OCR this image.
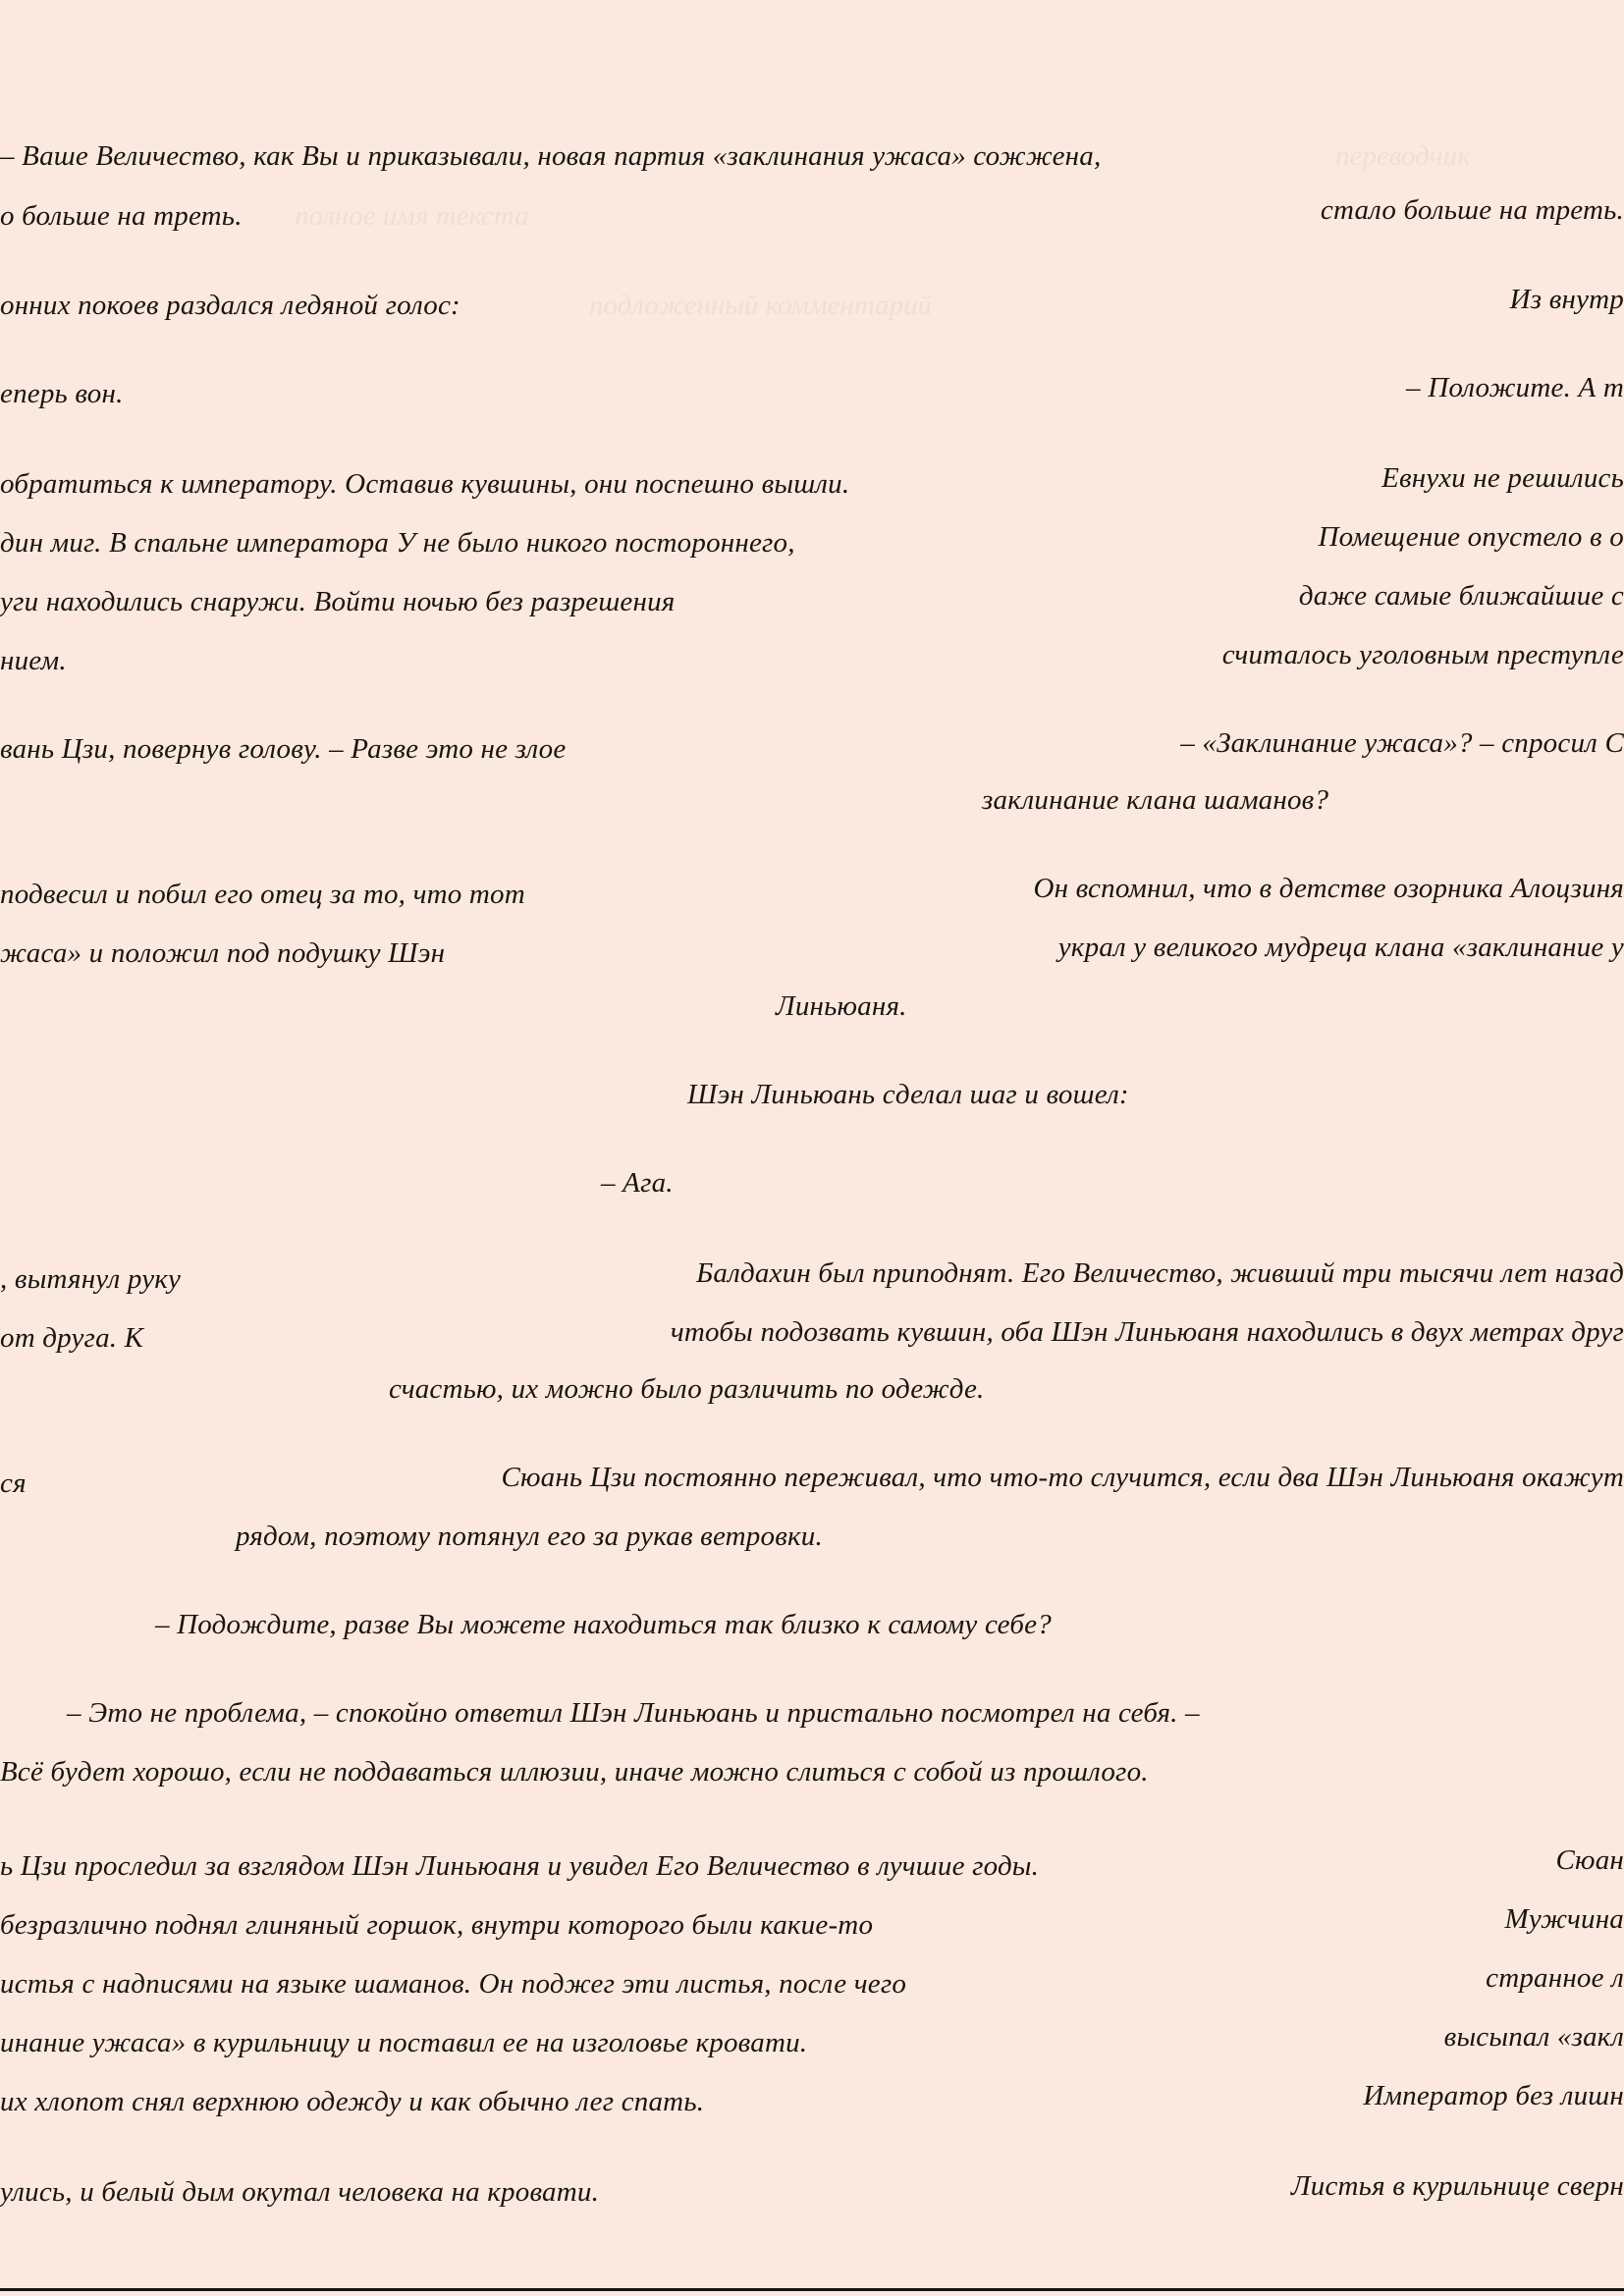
переводчик
полное имя текста
подложенный комментарий
– Ваше Величество, как Вы и приказывали, новая партия «заклинания ужаса» сожжена,
стало больше на треть.
о больше на треть.
Из внутр
онних покоев раздался ледяной голос:
– Положите. А т
еперь вон.
Евнухи не решились
обратиться к императору. Оставив кувшины, они поспешно вышли.
Помещение опустело в о
дин миг. В спальне императора У не было никого постороннего,
даже самые ближайшие с
уги находились снаружи. Войти ночью без разрешения
считалось уголовным преступле
нием.
– «Заклинание ужаса»? – спросил С
вань Цзи, повернув голову. – Разве это не злое
заклинание клана шаманов?
Он вспомнил, что в детстве озорника Алоцзиня
подвесил и побил его отец за то, что тот
украл у великого мудреца клана «заклинание у
жаса» и положил под подушку Шэн
Линьюаня.
Шэн Линьюань сделал шаг и вошел:
– Ага.
Балдахин был приподнят. Его Величество, живший три тысячи лет назад
, вытянул руку
чтобы подозвать кувшин, оба Шэн Линьюаня находились в двух метрах друг
от друга. К
счастью, их можно было различить по одежде.
Сюань Цзи постоянно переживал, что что-то случится, если два Шэн Линьюаня окажут
ся
рядом, поэтому потянул его за рукав ветровки.
– Подождите, разве Вы можете находиться так близко к самому себе?
– Это не проблема, – спокойно ответил Шэн Линьюань и пристально посмотрел на себя. –
Всё будет хорошо, если не поддаваться иллюзии, иначе можно слиться с собой из прошлого.
Сюан
ь Цзи проследил за взглядом Шэн Линьюаня и увидел Его Величество в лучшие годы.
Мужчина
безразлично поднял глиняный горшок, внутри которого были какие-то
странное л
истья с надписями на языке шаманов. Он поджег эти листья, после чего
высыпал «закл
инание ужаса» в курильницу и поставил ее на изголовье кровати.
Император без лишн
их хлопот снял верхнюю одежду и как обычно лег спать.
Листья в курильнице сверн
улись, и белый дым окутал человека на кровати.
